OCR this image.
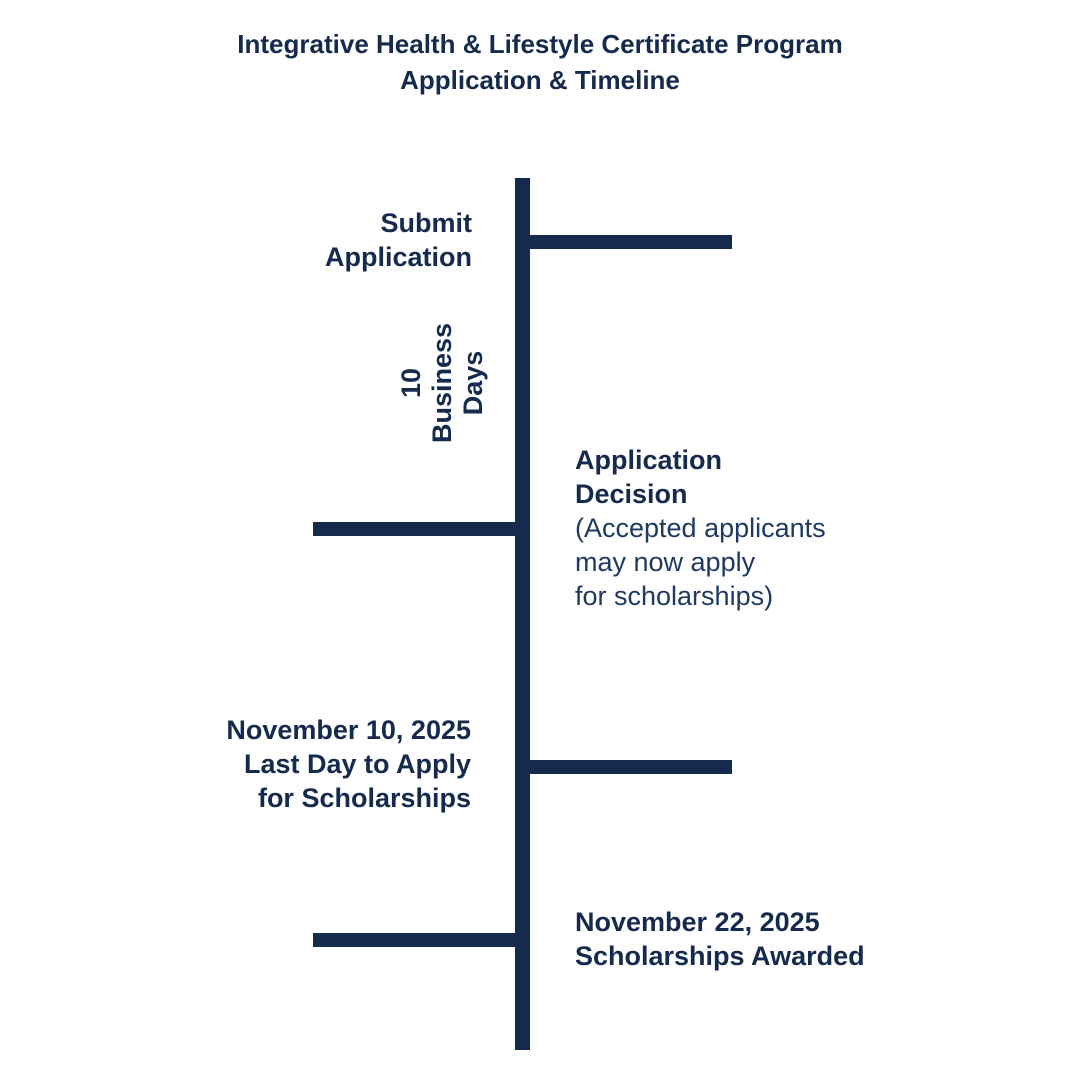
Integrative Health & Lifestyle Certificate Program
Application & Timeline
Submit
Application
10 Business Days
Application
Decision
(Accepted applicants
may now apply
for scholarships)
November 10, 2025
Last Day to Apply
for Scholarships
November 22, 2025
Scholarships Awarded
